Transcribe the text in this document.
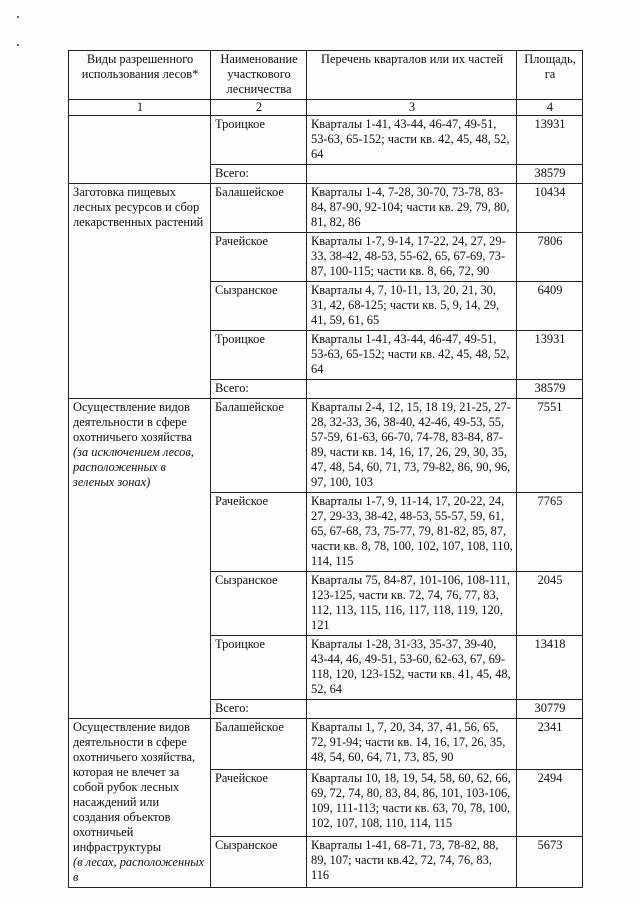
Виды разрешенного использования лесов*	Наименование участкового лесничества	Перечень кварталов или их частей	Площадь, га
1	2	3	4

	Троицкое	Кварталы 1-41, 43-44, 46-47, 49-51, 53-63, 65-152; части кв. 42, 45, 48, 52, 64	13931
	Всего:		38579

Заготовка пищевых лесных ресурсов и сбор лекарственных растений	Балашейское	Кварталы 1-4, 7-28, 30-70, 73-78, 83-84, 87-90, 92-104; части кв. 29, 79, 80, 81, 82, 86	10434
	Рачейское	Кварталы 1-7, 9-14, 17-22, 24, 27, 29-33, 38-42, 48-53, 55-62, 65, 67-69, 73-87, 100-115; части кв. 8, 66, 72, 90	7806
	Сызранское	Кварталы 4, 7, 10-11, 13, 20, 21, 30, 31, 42, 68-125; части кв. 5, 9, 14, 29, 41, 59, 61, 65	6409
	Троицкое	Кварталы 1-41, 43-44, 46-47, 49-51, 53-63, 65-152; части кв. 42, 45, 48, 52, 64	13931
	Всего:		38579

Осуществление видов деятельности в сфере охотничьего хозяйства
(за исключением лесов, расположенных в зеленых зонах)	Балашейское	Кварталы 2-4, 12, 15, 18 19, 21-25, 27-28, 32-33, 36, 38-40, 42-46, 49-53, 55, 57-59, 61-63, 66-70, 74-78, 83-84, 87-89, части кв. 14, 16, 17, 26, 29, 30, 35, 47, 48, 54, 60, 71, 73, 79-82, 86, 90, 96, 97, 100, 103	7551
	Рачейское	Кварталы 1-7, 9, 11-14, 17, 20-22, 24, 27, 29-33, 38-42, 48-53, 55-57, 59, 61, 65, 67-68, 73, 75-77, 79, 81-82, 85, 87, части кв. 8, 78, 100, 102, 107, 108, 110, 114, 115	7765
	Сызранское	Кварталы 75, 84-87, 101-106, 108-111, 123-125, части кв. 72, 74, 76, 77, 83, 112, 113, 115, 116, 117, 118, 119, 120, 121	2045
	Троицкое	Кварталы 1-28, 31-33, 35-37, 39-40, 43-44, 46, 49-51, 53-60, 62-63, 67, 69-118, 120, 123-152, части кв. 41, 45, 48, 52, 64	13418
	Всего:		30779

Осуществление видов деятельности в сфере охотничьего хозяйства, которая не влечет за собой рубок лесных насаждений или создания объектов охотничьей инфраструктуры
(в лесах, расположенных в	Балашейское	Кварталы 1, 7, 20, 34, 37, 41, 56, 65, 72, 91-94; части кв. 14, 16, 17, 26, 35, 48, 54, 60, 64, 71, 73, 85, 90	2341
	Рачейское	Кварталы 10, 18, 19, 54, 58, 60, 62, 66, 69, 72, 74, 80, 83, 84, 86, 101, 103-106, 109, 111-113; части кв. 63, 70, 78, 100, 102, 107, 108, 110, 114, 115	2494
	Сызранское	Кварталы 1-41, 68-71, 73, 78-82, 88, 89, 107; части кв.42, 72, 74, 76, 83, 116	5673
